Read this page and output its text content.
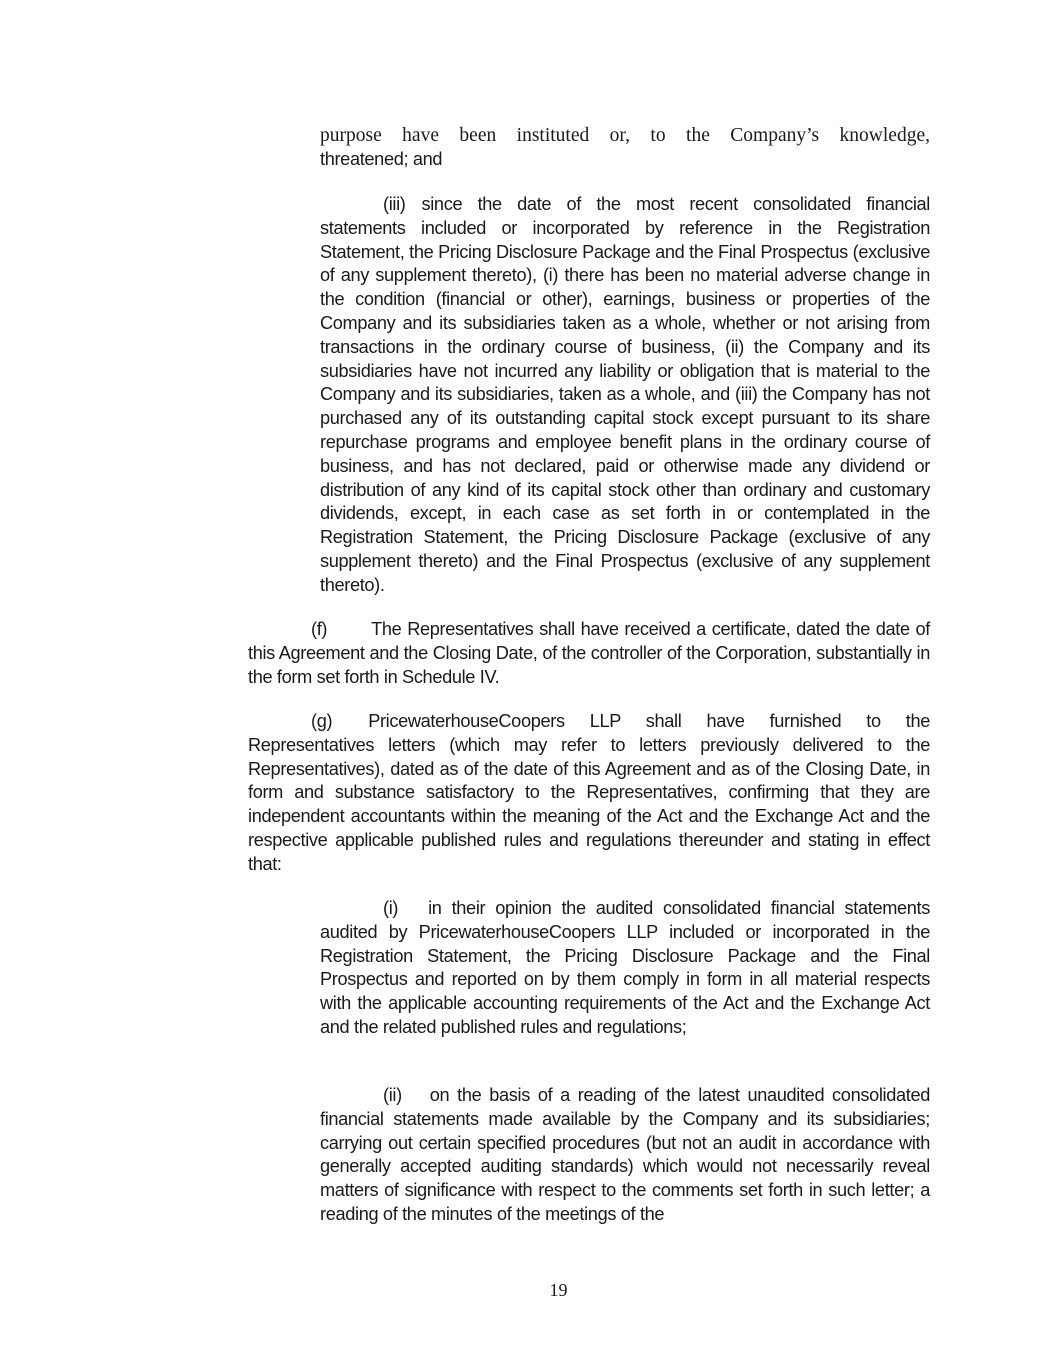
purpose have been instituted or, to the Company’s knowledge,
threatened; and

(iii) since the date of the most recent consolidated financial statements included or incorporated by reference in the Registration Statement, the Pricing Disclosure Package and the Final Prospectus (exclusive of any supplement thereto), (i) there has been no material adverse change in the condition (financial or other), earnings, business or properties of the Company and its subsidiaries taken as a whole, whether or not arising from transactions in the ordinary course of business, (ii) the Company and its subsidiaries have not incurred any liability or obligation that is material to the Company and its subsidiaries, taken as a whole, and (iii) the Company has not purchased any of its outstanding capital stock except pursuant to its share repurchase programs and employee benefit plans in the ordinary course of business, and has not declared, paid or otherwise made any dividend or distribution of any kind of its capital stock other than ordinary and customary dividends, except, in each case as set forth in or contemplated in the Registration Statement, the Pricing Disclosure Package (exclusive of any supplement thereto) and the Final Prospectus (exclusive of any supplement thereto).

(f) The Representatives shall have received a certificate, dated the date of this Agreement and the Closing Date, of the controller of the Corporation, substantially in the form set forth in Schedule IV.

(g) PricewaterhouseCoopers LLP shall have furnished to the Representatives letters (which may refer to letters previously delivered to the Representatives), dated as of the date of this Agreement and as of the Closing Date, in form and substance satisfactory to the Representatives, confirming that they are independent accountants within the meaning of the Act and the Exchange Act and the respective applicable published rules and regulations thereunder and stating in effect that:

(i) in their opinion the audited consolidated financial statements audited by PricewaterhouseCoopers LLP included or incorporated in the Registration Statement, the Pricing Disclosure Package and the Final Prospectus and reported on by them comply in form in all material respects with the applicable accounting requirements of the Act and the Exchange Act and the related published rules and regulations;

(ii) on the basis of a reading of the latest unaudited consolidated financial statements made available by the Company and its subsidiaries; carrying out certain specified procedures (but not an audit in accordance with generally accepted auditing standards) which would not necessarily reveal matters of significance with respect to the comments set forth in such letter; a reading of the minutes of the meetings of the

19
